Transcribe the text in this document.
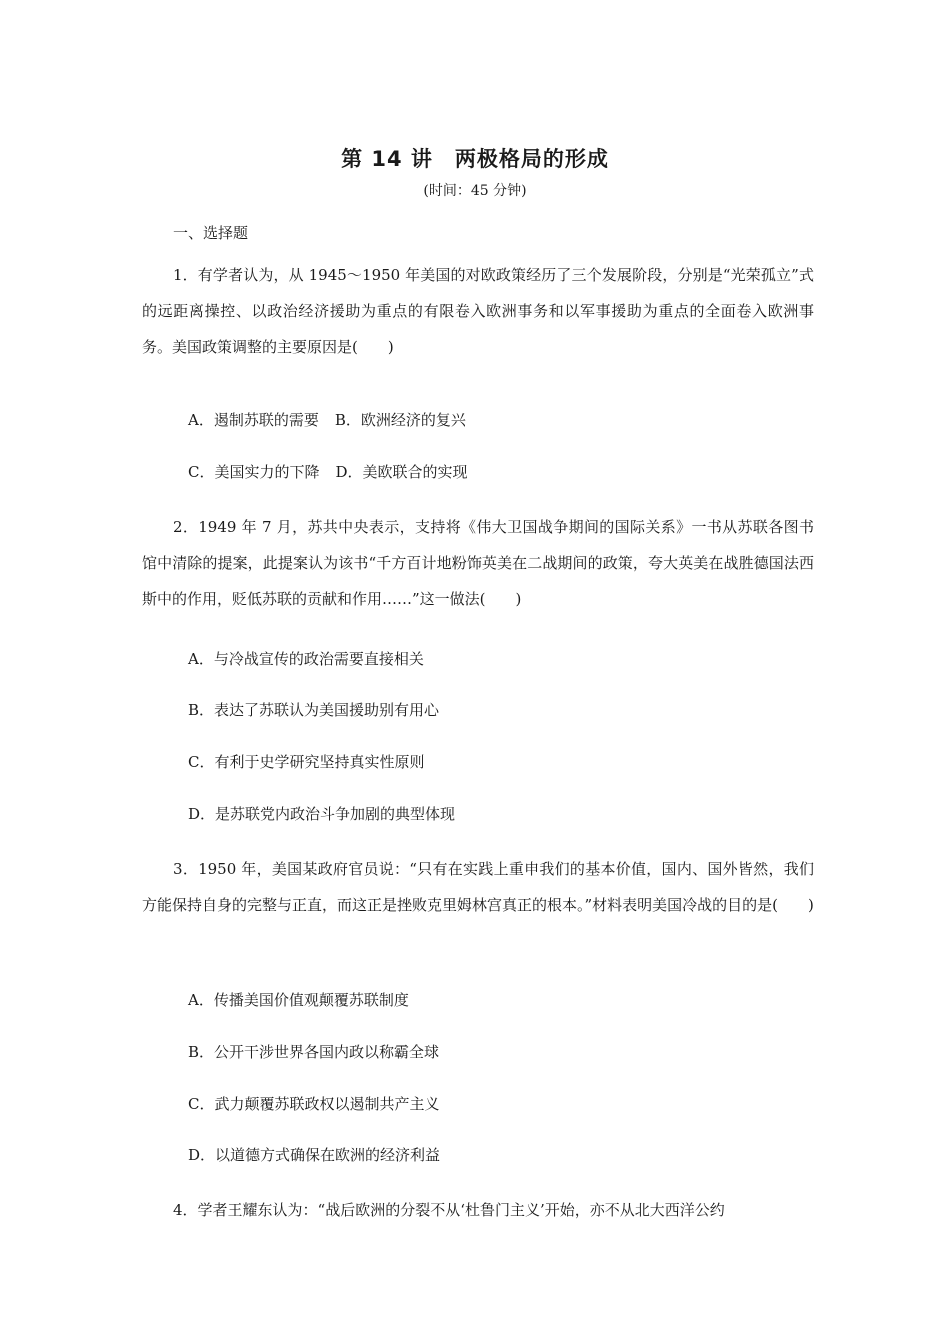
第 14 讲　两极格局的形成
(时间：45 分钟)
一、选择题
1．有学者认为，从 1945～1950 年美国的对欧政策经历了三个发展阶段，分别是“光荣孤立”式的远距离操控、以政治经济援助为重点的有限卷入欧洲事务和以军事援助为重点的全面卷入欧洲事务。美国政策调整的主要原因是(　　)
A．遏制苏联的需要 B．欧洲经济的复兴
C．美国实力的下降 D．美欧联合的实现
2．1949 年 7 月，苏共中央表示，支持将《伟大卫国战争期间的国际关系》一书从苏联各图书馆中清除的提案，此提案认为该书“千方百计地粉饰英美在二战期间的政策，夸大英美在战胜德国法西斯中的作用，贬低苏联的贡献和作用……”这一做法(　　)
A．与冷战宣传的政治需要直接相关
B．表达了苏联认为美国援助别有用心
C．有利于史学研究坚持真实性原则
D．是苏联党内政治斗争加剧的典型体现
3．1950 年，美国某政府官员说：“只有在实践上重申我们的基本价值，国内、国外皆然，我们方能保持自身的完整与正直，而这正是挫败克里姆林宫真正的根本。”材料表明美国冷战的目的是(　　)
A．传播美国价值观颠覆苏联制度
B．公开干涉世界各国内政以称霸全球
C．武力颠覆苏联政权以遏制共产主义
D．以道德方式确保在欧洲的经济利益
4．学者王耀东认为：“战后欧洲的分裂不从‘杜鲁门主义’开始，亦不从北大西洋公约
